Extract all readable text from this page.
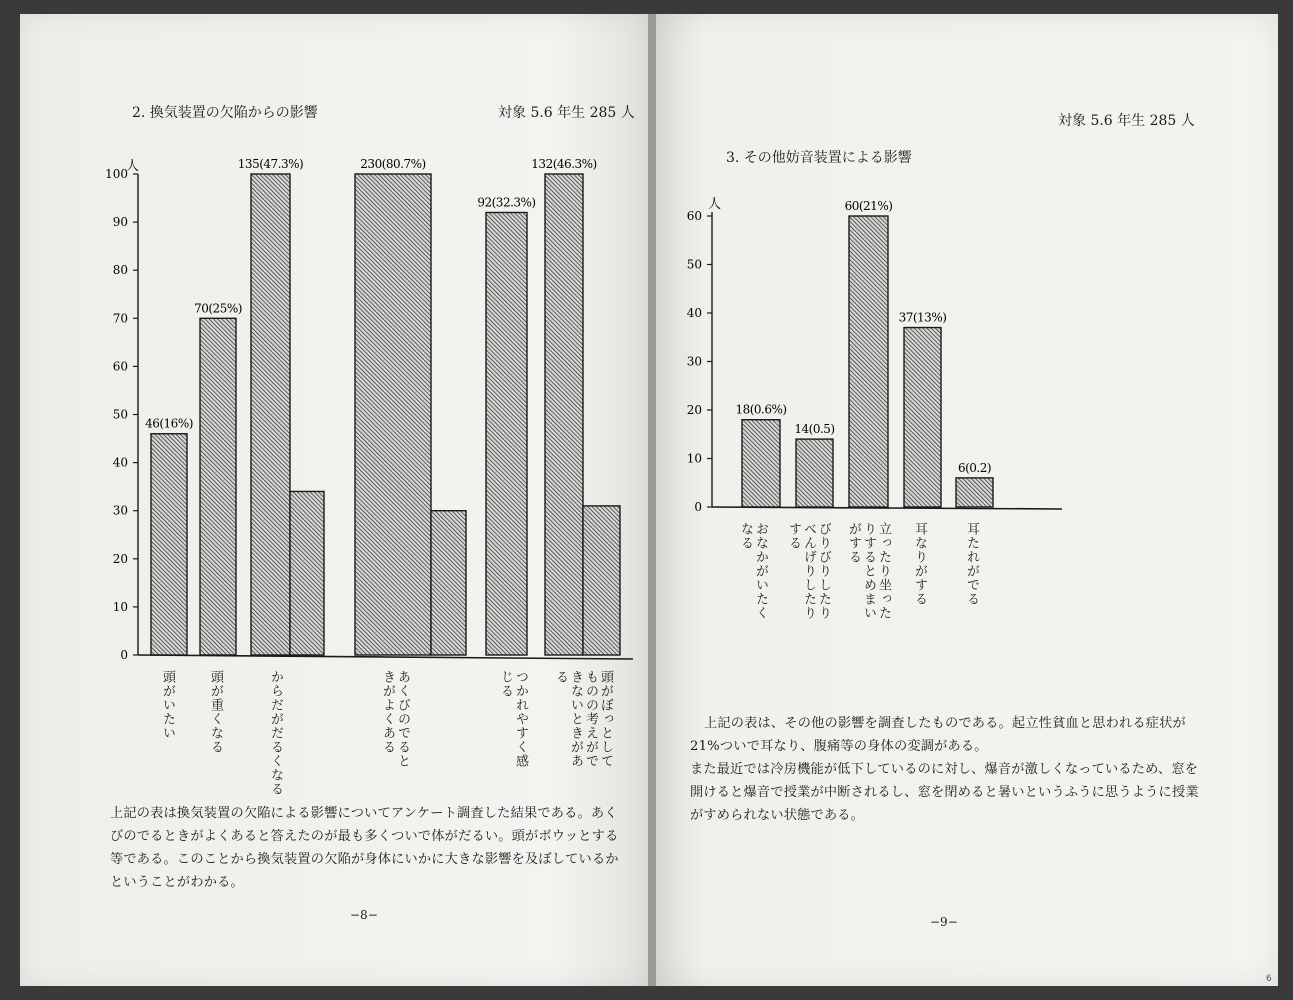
2. 換気装置の欠陥からの影響	対象 5.6 年生 285 人
0
10
20
30
40
50
60
70
80
90
100
46(16%)
70(25%)
135(47.3%)	230(80.7%)
92(32.3%)
132(46.3%)
人
頭がいたい	頭が重くなる	からだがだるくなる	あくびのでるときがよくある	つかれやすく感じる	頭がぼっとしてものの考えができないときがある
上記の表は換気装置の欠陥による影響についてアンケート調査した結果である。あくびのでるときがよくあると答えたのが最も多くついで体がだるい。頭がボウッとする等である。このことから換気装置の欠陥が身体にいかに大きな影響を及ぼしているかということがわかる。
−8−
対象 5.6 年生 285 人
3. その他妨音装置による影響
0
10
20
30
40
50
60
18(0.6%)
14(0.5)
60(21%)
37(13%)
6(0.2)
人
おなかがいたくなる	びりびりしたりべんげりしたりする	立ったり坐ったりするとめまいがする	耳なりがする	耳たれがでる
上記の表は、その他の影響を調査したものである。起立性貧血と思われる症状が21%ついで耳なり、腹痛等の身体の変調がある。
また最近では冷房機能が低下しているのに対し、爆音が激しくなっているため、窓を開けると爆音で授業が中断されるし、窓を閉めると暑いというふうに思うように授業がすめられない状態である。
−9−
6
